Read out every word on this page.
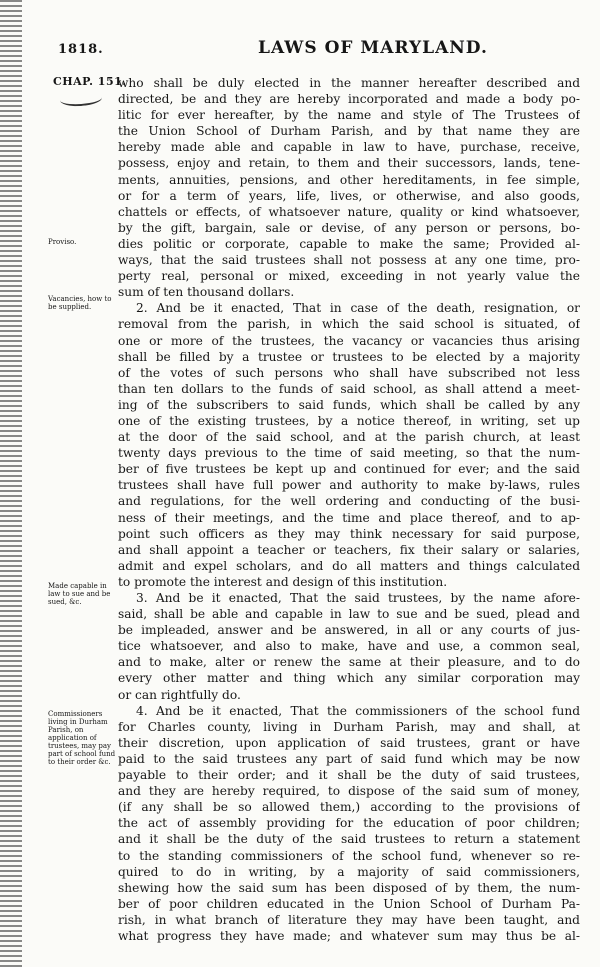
1818.	LAWS OF MARYLAND.
CHAP. 151.
Proviso.
Vacancies, how to be supplied.
Made capable in law to sue and be sued, &c.
Commissioners living in Durham Parish, on application of trustees, may pay part of school fund to their order &c.
who shall be duly elected in the manner hereafter described and
directed, be and they are hereby incorporated and made a body po-
litic for ever hereafter, by the name and style of The Trustees of
the Union School of Durham Parish, and by that name they are
hereby made able and capable in law to have, purchase, receive,
possess, enjoy and retain, to them and their successors, lands, tene-
ments, annuities, pensions, and other hereditaments, in fee simple,
or for a term of years, life, lives, or otherwise, and also goods,
chattels or effects, of whatsoever nature, quality or kind whatsoever,
by the gift, bargain, sale or devise, of any person or persons, bo-
dies politic or corporate, capable to make the same; Provided al-
ways, that the said trustees shall not possess at any one time, pro-
perty real, personal or mixed, exceeding in not yearly value the
sum of ten thousand dollars.
2. And be it enacted, That in case of the death, resignation, or
removal from the parish, in which the said school is situated, of
one or more of the trustees, the vacancy or vacancies thus arising
shall be filled by a trustee or trustees to be elected by a majority
of the votes of such persons who shall have subscribed not less
than ten dollars to the funds of said school, as shall attend a meet-
ing of the subscribers to said funds, which shall be called by any
one of the existing trustees, by a notice thereof, in writing, set up
at the door of the said school, and at the parish church, at least
twenty days previous to the time of said meeting, so that the num-
ber of five trustees be kept up and continued for ever; and the said
trustees shall have full power and authority to make by-laws, rules
and regulations, for the well ordering and conducting of the busi-
ness of their meetings, and the time and place thereof, and to ap-
point such officers as they may think necessary for said purpose,
and shall appoint a teacher or teachers, fix their salary or salaries,
admit and expel scholars, and do all matters and things calculated
to promote the interest and design of this institution.
3. And be it enacted, That the said trustees, by the name afore-
said, shall be able and capable in law to sue and be sued, plead and
be impleaded, answer and be answered, in all or any courts of jus-
tice whatsoever, and also to make, have and use, a common seal,
and to make, alter or renew the same at their pleasure, and to do
every other matter and thing which any similar corporation may
or can rightfully do.
4. And be it enacted, That the commissioners of the school fund
for Charles county, living in Durham Parish, may and shall, at
their discretion, upon application of said trustees, grant or have
paid to the said trustees any part of said fund which may be now
payable to their order; and it shall be the duty of said trustees,
and they are hereby required, to dispose of the said sum of money,
(if any shall be so allowed them,) according to the provisions of
the act of assembly providing for the education of poor children;
and it shall be the duty of the said trustees to return a statement
to the standing commissioners of the school fund, whenever so re-
quired to do in writing, by a majority of said commissioners,
shewing how the said sum has been disposed of by them, the num-
ber of poor children educated in the Union School of Durham Pa-
rish, in what branch of literature they may have been taught, and
what progress they have made; and whatever sum may thus be al-
